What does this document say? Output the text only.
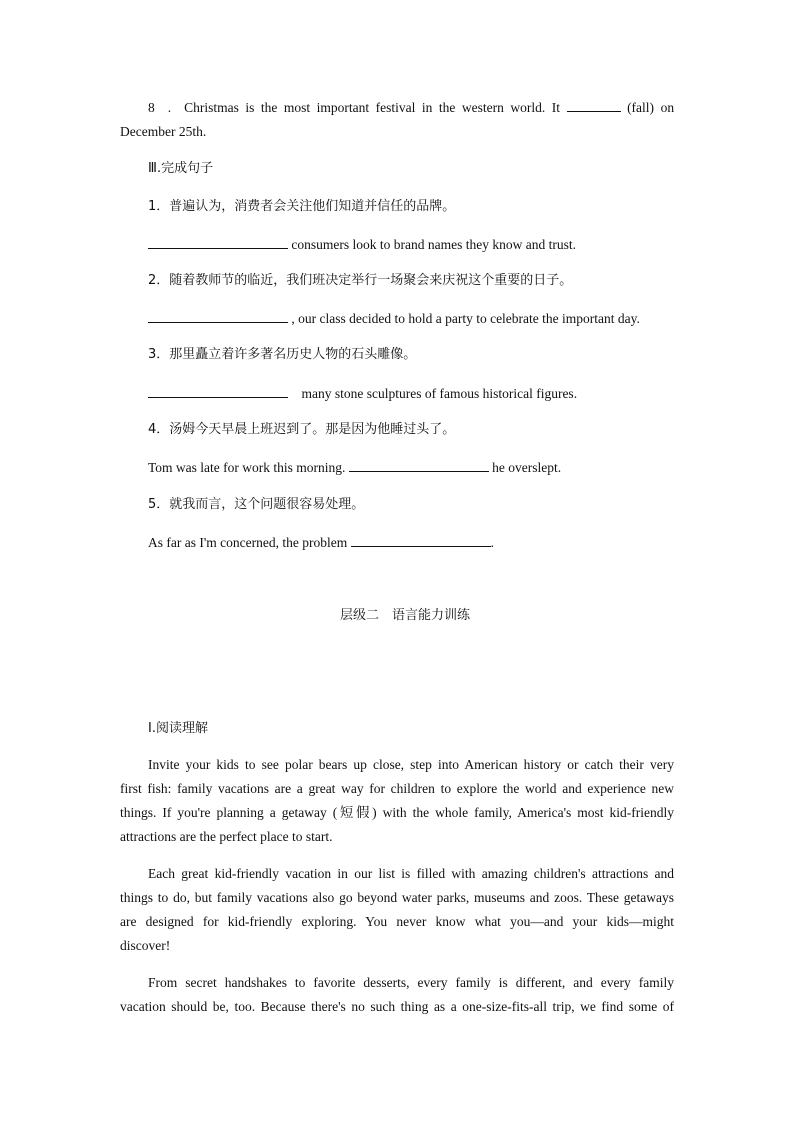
8 . Christmas is the most important festival in the western world. It	(fall) on
December 25th.
Ⅲ.完成句子
1．普遍认为，消费者会关注他们知道并信任的品牌。
consumers look to brand names they know and trust.
2．随着教师节的临近，我们班决定举行一场聚会来庆祝这个重要的日子。
, our class decided to hold a party to celebrate the important day.
3．那里矗立着许多著名历史人物的石头雕像。
many stone sculptures of famous historical figures.
4．汤姆今天早晨上班迟到了。那是因为他睡过头了。
Tom was late for work this morning.	he overslept.
5．就我而言，这个问题很容易处理。
As far as I'm concerned, the problem	.
层级二　语言能力训练
Ⅰ.阅读理解
Invite your kids to see polar bears up close, step into American history or catch their very
first fish: family vacations are a great way for children to explore the world and experience new
things. If you're planning a getaway (短假) with the whole family, America's most kid-friendly
attractions are the perfect place to start.
Each great kid-friendly vacation in our list is filled with amazing children's attractions and
things to do, but family vacations also go beyond water parks, museums and zoos. These getaways
are designed for kid-friendly exploring. You never know what you—and your kids—might
discover!
From secret handshakes to favorite desserts, every family is different, and every family
vacation should be, too. Because there's no such thing as a one-size-fits-all trip, we find some of
